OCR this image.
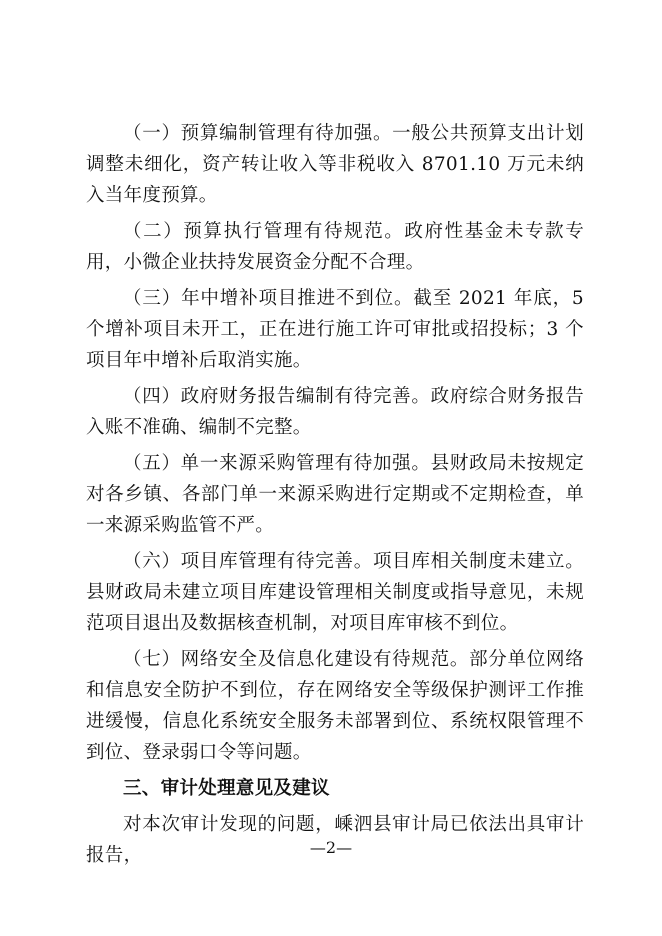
（一）预算编制管理有待加强。一般公共预算支出计划调整未细化，资产转让收入等非税收入 8701.10 万元未纳入当年度预算。

（二）预算执行管理有待规范。政府性基金未专款专用，小微企业扶持发展资金分配不合理。

（三）年中增补项目推进不到位。截至 2021 年底，5 个增补项目未开工，正在进行施工许可审批或招投标；3 个项目年中增补后取消实施。

（四）政府财务报告编制有待完善。政府综合财务报告入账不准确、编制不完整。

（五）单一来源采购管理有待加强。县财政局未按规定对各乡镇、各部门单一来源采购进行定期或不定期检查，单一来源采购监管不严。

（六）项目库管理有待完善。项目库相关制度未建立。县财政局未建立项目库建设管理相关制度或指导意见，未规范项目退出及数据核查机制，对项目库审核不到位。

（七）网络安全及信息化建设有待规范。部分单位网络和信息安全防护不到位，存在网络安全等级保护测评工作推进缓慢，信息化系统安全服务未部署到位、系统权限管理不到位、登录弱口令等问题。

三、审计处理意见及建议

对本次审计发现的问题，嵊泗县审计局已依法出具审计报告，	—2—
